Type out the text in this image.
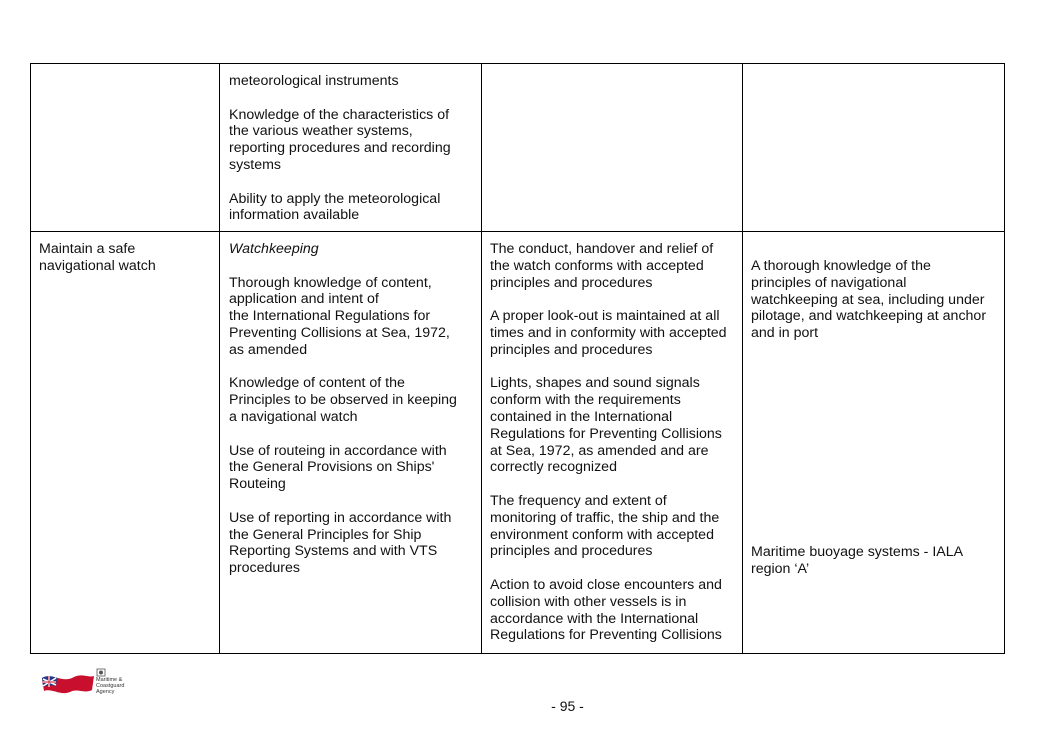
meteorological instruments

Knowledge of the characteristics of
the various weather systems,
reporting procedures and recording
systems

Ability to apply the meteorological
information available

Maintain a safe
navigational watch

Watchkeeping

Thorough knowledge of content,
application and intent of
the International Regulations for
Preventing Collisions at Sea, 1972,
as amended

Knowledge of content of the
Principles to be observed in keeping
a navigational watch

Use of routeing in accordance with
the General Provisions on Ships'
Routeing

Use of reporting in accordance with
the General Principles for Ship
Reporting Systems and with VTS
procedures

The conduct, handover and relief of
the watch conforms with accepted
principles and procedures

A proper look-out is maintained at all
times and in conformity with accepted
principles and procedures

Lights, shapes and sound signals
conform with the requirements
contained in the International
Regulations for Preventing Collisions
at Sea, 1972, as amended and are
correctly recognized

The frequency and extent of
monitoring of traffic, the ship and the
environment conform with accepted
principles and procedures

Action to avoid close encounters and
collision with other vessels is in
accordance with the International
Regulations for Preventing Collisions

A thorough knowledge of the
principles of navigational
watchkeeping at sea, including under
pilotage, and watchkeeping at anchor
and in port

Maritime buoyage systems - IALA
region ‘A’

Maritime &
Coastguard
Agency
- 95 -
